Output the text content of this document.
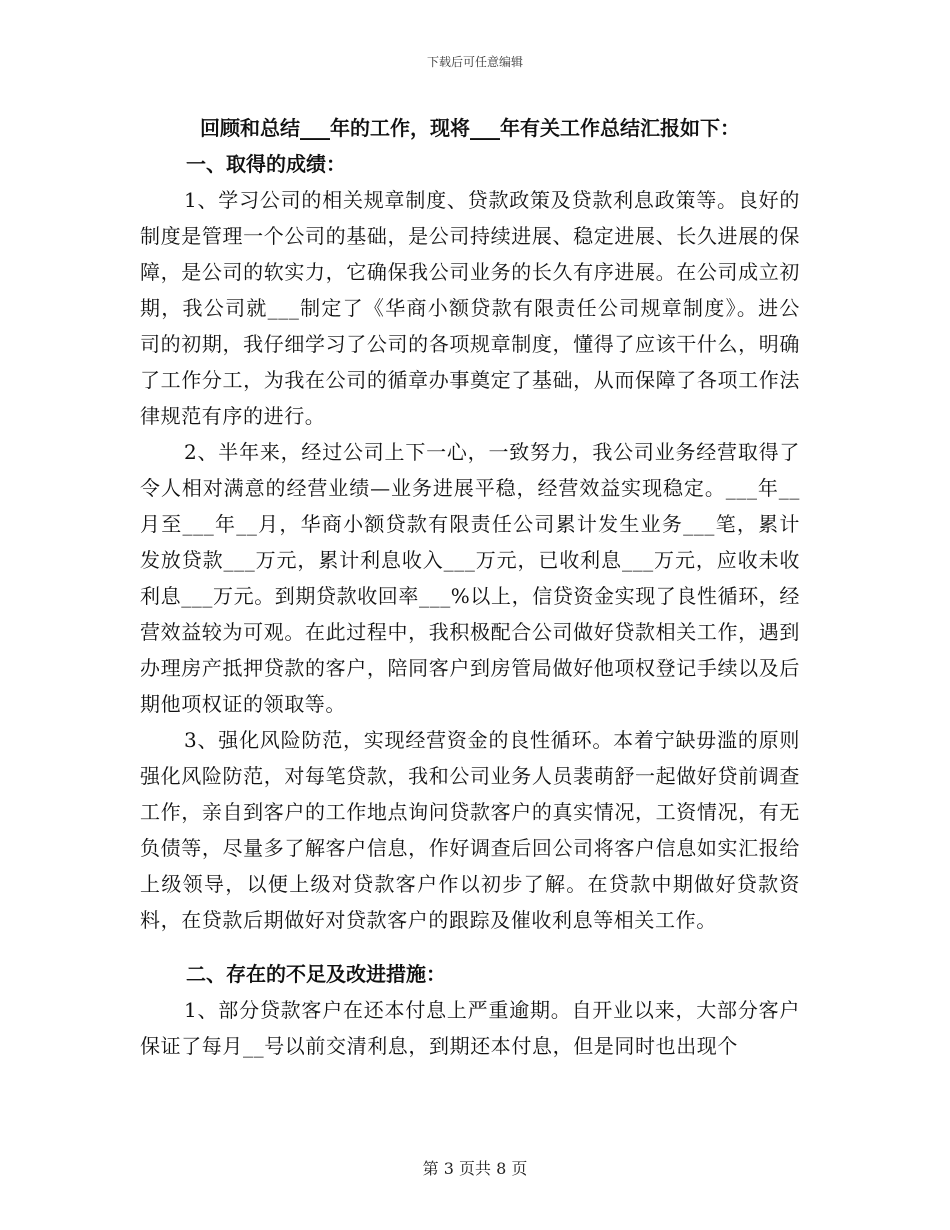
下载后可任意编辑

回顾和总结___年的工作，现将___年有关工作总结汇报如下：

一、取得的成绩：

1、学习公司的相关规章制度、贷款政策及贷款利息政策等。良好的制度是管理一个公司的基础，是公司持续进展、稳定进展、长久进展的保障，是公司的软实力，它确保我公司业务的长久有序进展。在公司成立初期，我公司就___制定了《华商小额贷款有限责任公司规章制度》。进公司的初期，我仔细学习了公司的各项规章制度，懂得了应该干什么，明确了工作分工，为我在公司的循章办事奠定了基础，从而保障了各项工作法律规范有序的进行。

2、半年来，经过公司上下一心，一致努力，我公司业务经营取得了令人相对满意的经营业绩—业务进展平稳，经营效益实现稳定。___年__月至___年__月，华商小额贷款有限责任公司累计发生业务___笔，累计发放贷款___万元，累计利息收入___万元，已收利息___万元，应收未收利息___万元。到期贷款收回率___%以上，信贷资金实现了良性循环，经营效益较为可观。在此过程中，我积极配合公司做好贷款相关工作，遇到办理房产抵押贷款的客户，陪同客户到房管局做好他项权登记手续以及后期他项权证的领取等。

3、强化风险防范，实现经营资金的良性循环。本着宁缺毋滥的原则强化风险防范，对每笔贷款，我和公司业务人员裴萌舒一起做好贷前调查工作，亲自到客户的工作地点询问贷款客户的真实情况，工资情况，有无负债等，尽量多了解客户信息，作好调查后回公司将客户信息如实汇报给上级领导，以便上级对贷款客户作以初步了解。在贷款中期做好贷款资料，在贷款后期做好对贷款客户的跟踪及催收利息等相关工作。

二、存在的不足及改进措施：

1、部分贷款客户在还本付息上严重逾期。自开业以来，大部分客户保证了每月__号以前交清利息，到期还本付息，但是同时也出现个

第 3 页共 8 页
